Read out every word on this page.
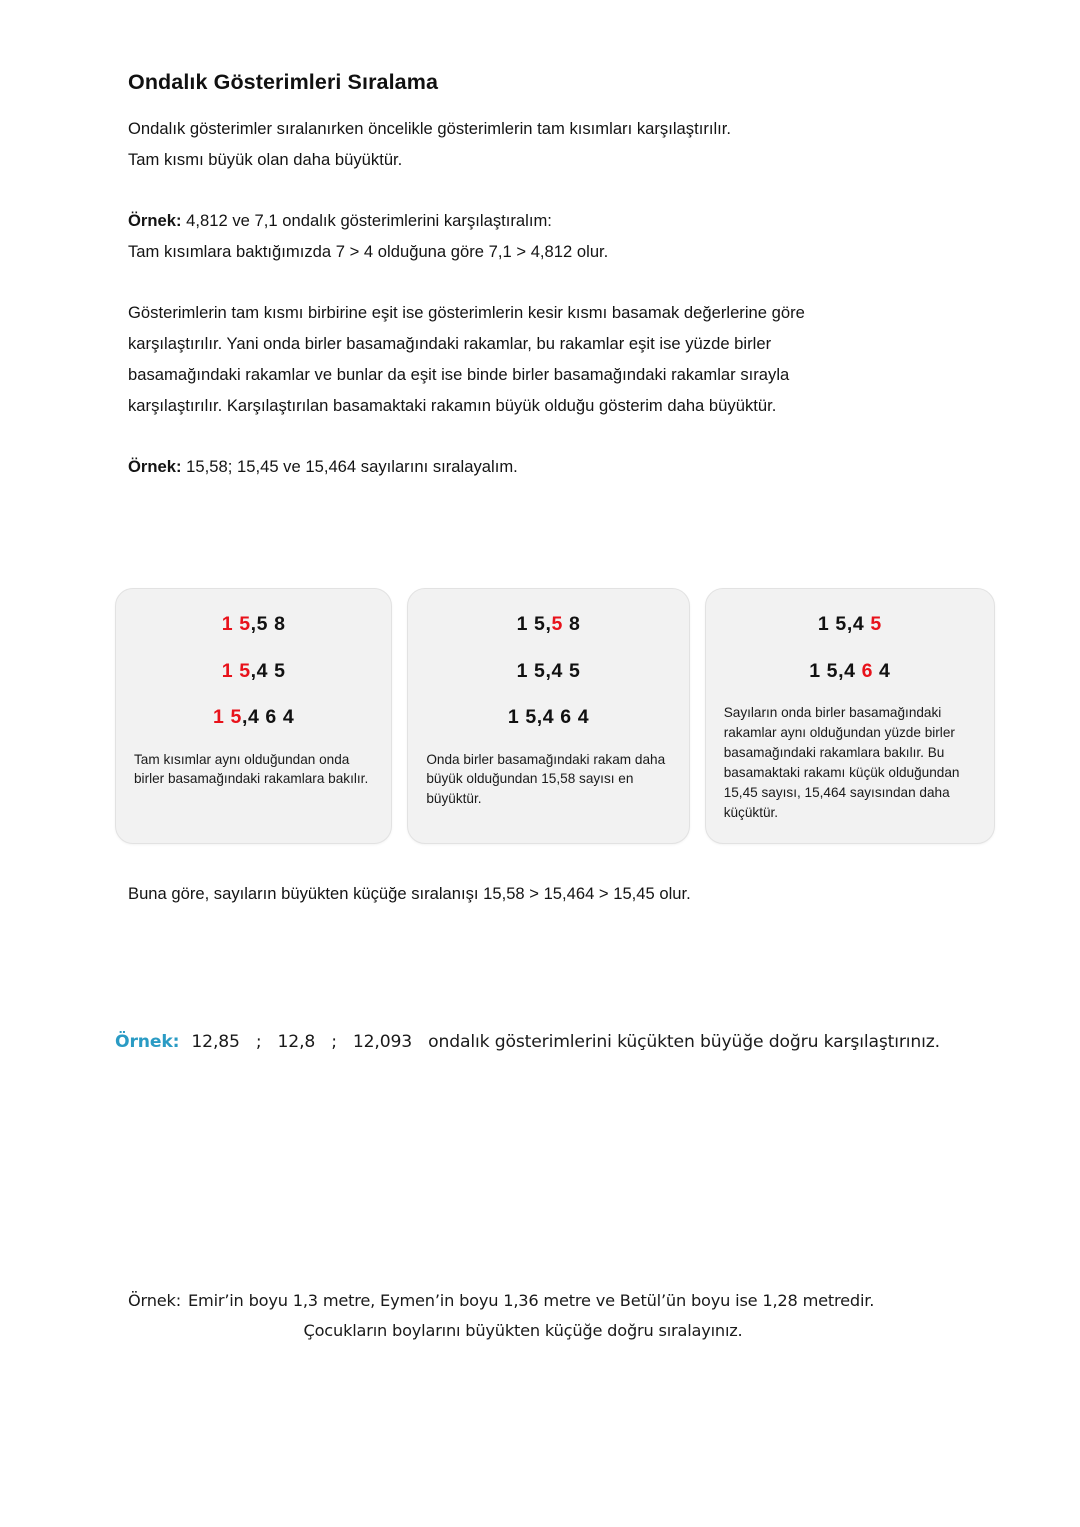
Ondalık Gösterimleri Sıralama

Ondalık gösterimler sıralanırken öncelikle gösterimlerin tam kısımları karşılaştırılır.

Tam kısmı büyük olan daha büyüktür.

Örnek: 4,812 ve 7,1 ondalık gösterimlerini karşılaştıralım:

Tam kısımlara baktığımızda 7 > 4 olduğuna göre 7,1 > 4,812 olur.

Gösterimlerin tam kısmı birbirine eşit ise gösterimlerin kesir kısmı basamak değerlerine göre

karşılaştırılır. Yani onda birler basamağındaki rakamlar, bu rakamlar eşit ise yüzde birler

basamağındaki rakamlar ve bunlar da eşit ise binde birler basamağındaki rakamlar sırayla

karşılaştırılır. Karşılaştırılan basamaktaki rakamın büyük olduğu gösterim daha büyüktür.

Örnek: 15,58; 15,45 ve 15,464 sayılarını sıralayalım.

1 5,5 8
1 5,4 5
1 5,4 6 4

Tam kısımlar aynı olduğundan onda birler basamağındaki rakamlara bakılır.

1 5,5 8
1 5,4 5
1 5,4 6 4

Onda birler basamağındaki rakam daha büyük olduğundan 15,58 sayısı en büyüktür.

1 5,4 5
1 5,4 6 4

Sayıların onda birler basamağındaki rakamlar aynı olduğundan yüzde birler basamağındaki rakamlara bakılır. Bu basamaktaki rakamı küçük olduğundan 15,45 sayısı, 15,464 sayısından daha küçüktür.

Buna göre, sayıların büyükten küçüğe sıralanışı 15,58 > 15,464 > 15,45 olur.
Örnek: 12,85 ; 12,8 ; 12,093 ondalık gösterimlerini küçükten büyüğe doğru karşılaştırınız.
Örnek: Emir’in boyu 1,3 metre, Eymen’in boyu 1,36 metre ve Betül’ün boyu ise 1,28 metredir.
Çocukların boylarını büyükten küçüğe doğru sıralayınız.
